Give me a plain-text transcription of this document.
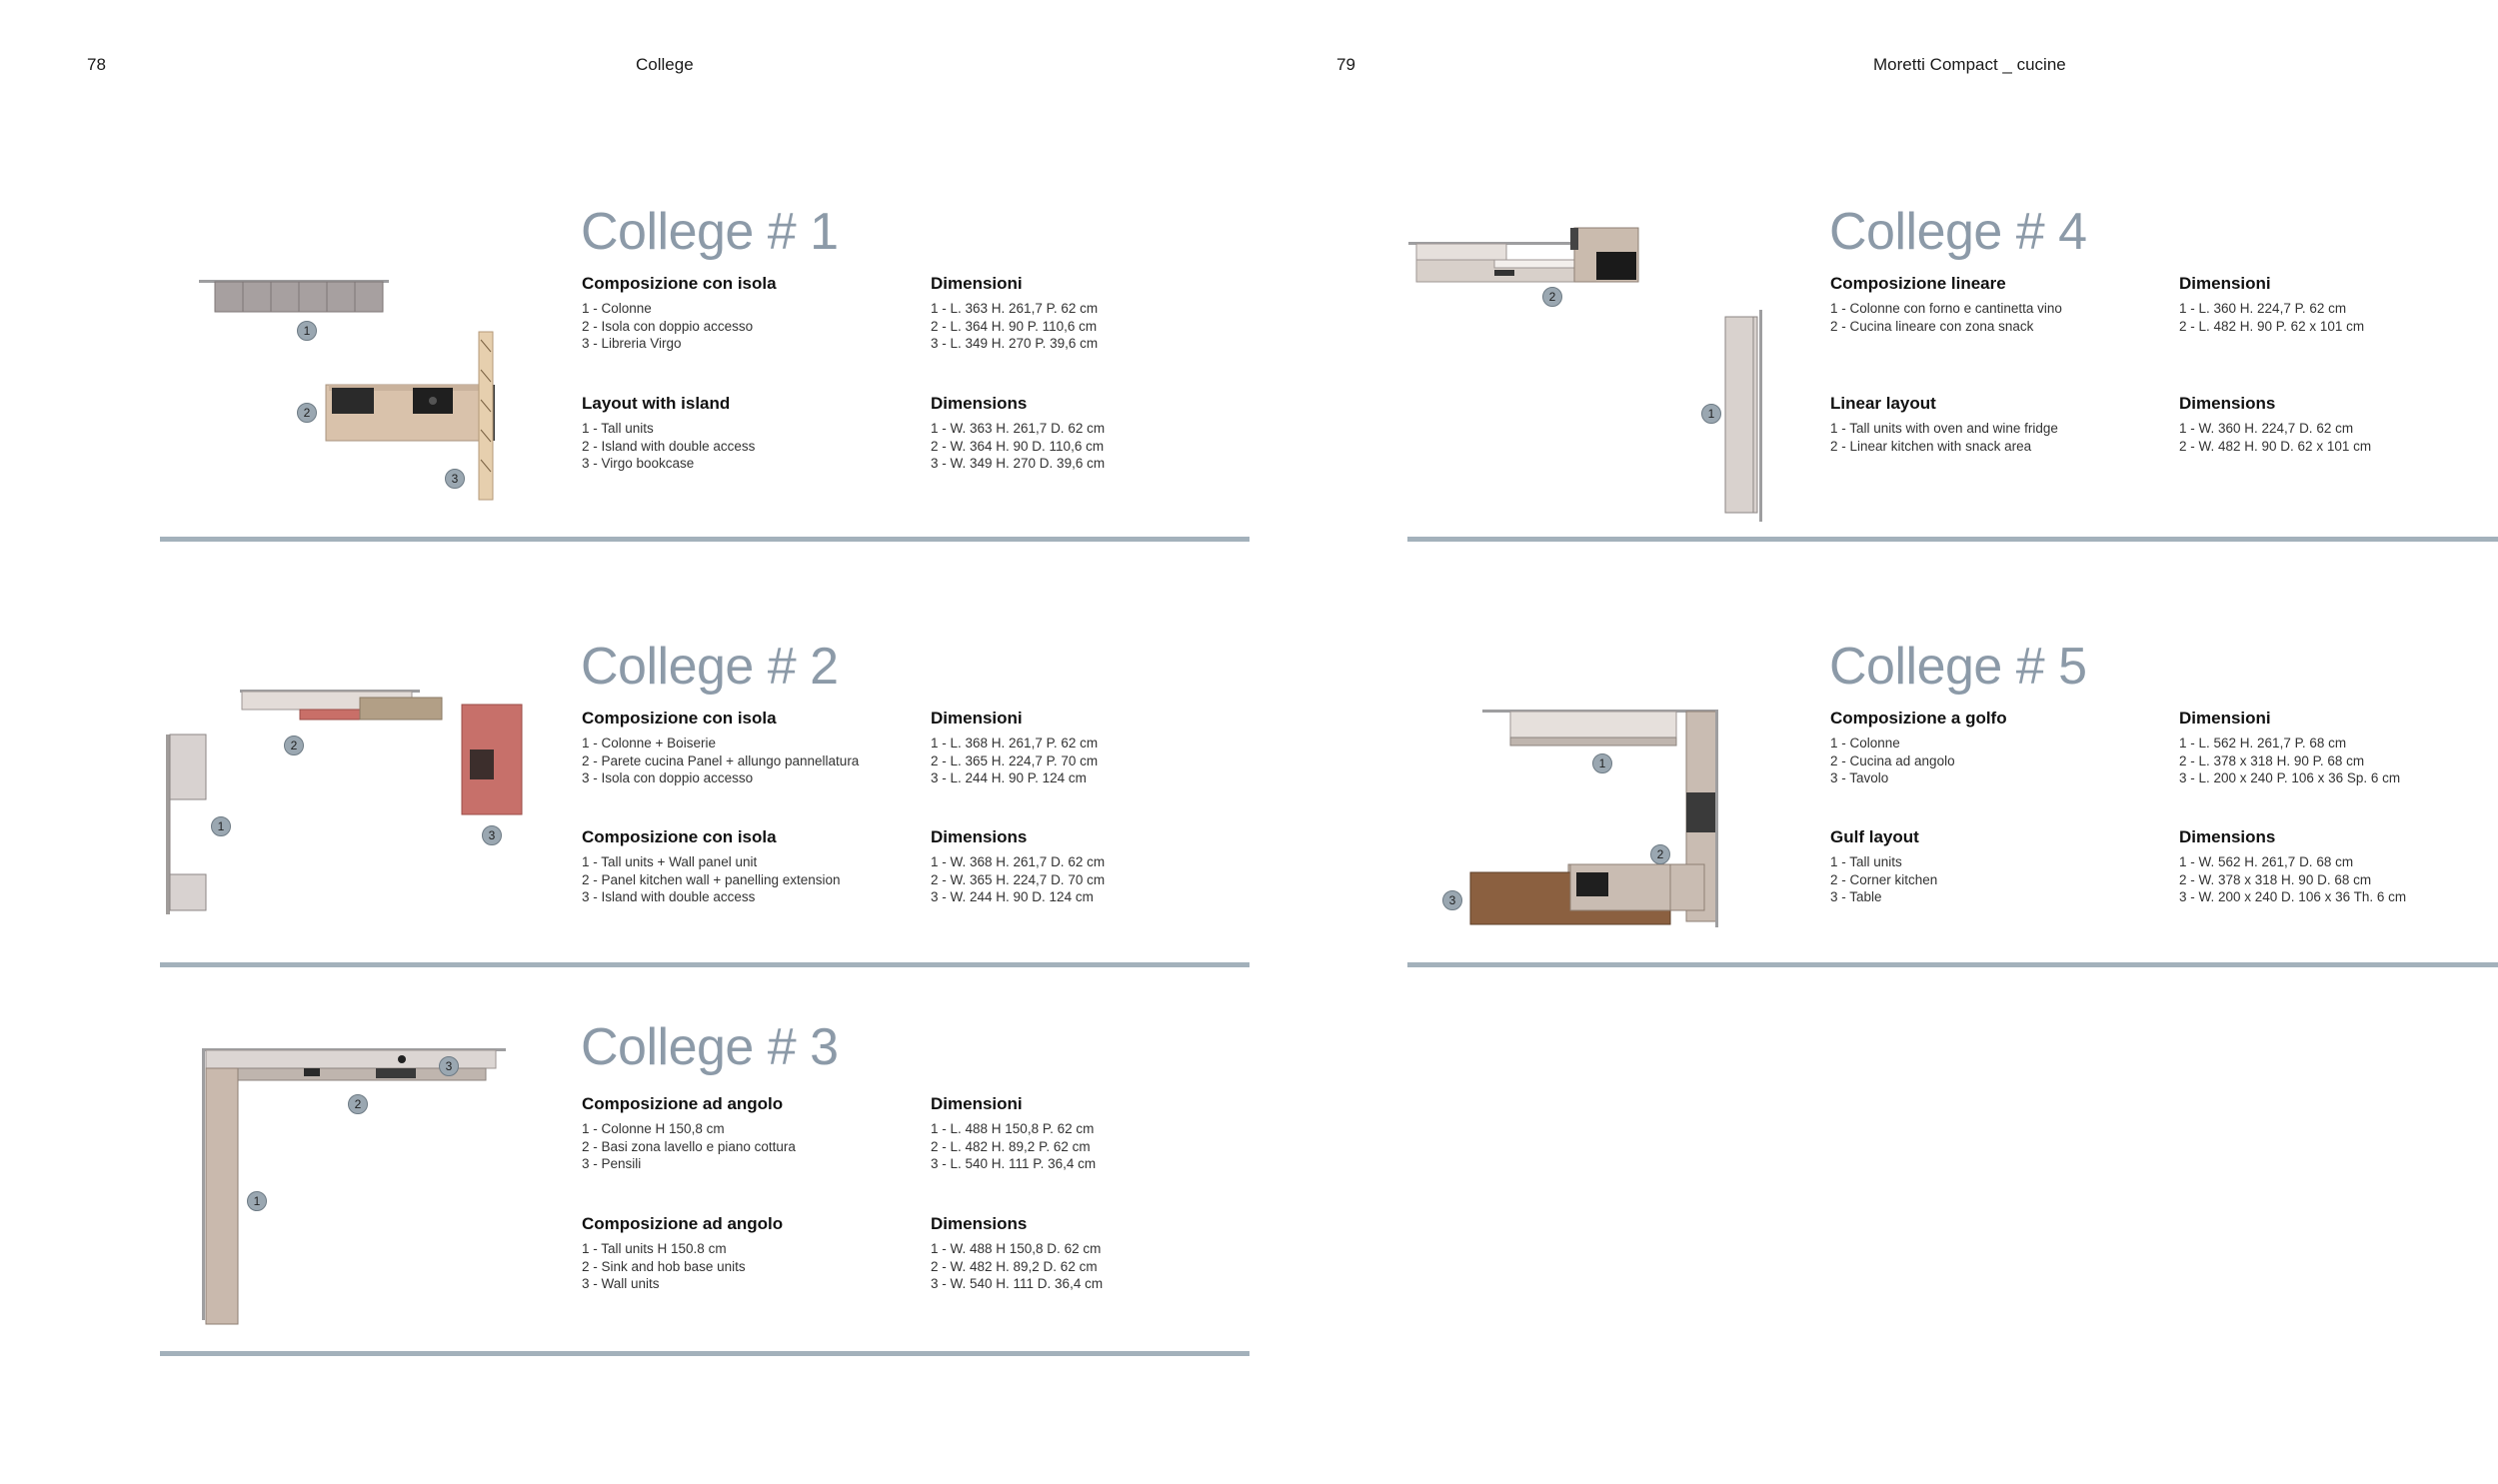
78	College	79	Moretti Compact _ cucine
1
2
3
College # 1
Composizione con isola
1 - Colonne
2 - Isola con doppio accesso
3 - Libreria Virgo
Dimensioni
1 - L. 363 H. 261,7 P. 62 cm
2 - L. 364 H. 90 P. 110,6 cm
3 - L. 349 H. 270 P. 39,6 cm
Layout with island
1 - Tall units
2 - Island with double access
3 - Virgo bookcase
Dimensions
1 - W. 363 H. 261,7 D. 62 cm
2 - W. 364 H. 90 D. 110,6 cm
3 - W. 349 H. 270 D. 39,6 cm
2
1
3
College # 2
Composizione con isola
1 - Colonne + Boiserie
2 - Parete cucina Panel + allungo pannellatura
3 - Isola con doppio accesso
Dimensioni
1 - L. 368 H. 261,7 P. 62 cm
2 - L. 365 H. 224,7 P. 70 cm
3 - L. 244 H. 90 P. 124 cm
Composizione con isola
1 - Tall units + Wall panel unit
2 - Panel kitchen wall + panelling extension
3 - Island with double access
Dimensions
1 - W. 368 H. 261,7 D. 62 cm
2 - W. 365 H. 224,7 D. 70 cm
3 - W. 244 H. 90 D. 124 cm
3
2
1
College # 3
Composizione ad angolo
1 - Colonne H 150,8 cm
2 - Basi zona lavello e piano cottura
3 - Pensili
Dimensioni
1 - L. 488 H 150,8 P. 62 cm
2 - L. 482 H. 89,2 P. 62 cm
3 - L. 540 H. 111 P. 36,4 cm
Composizione ad angolo
1 - Tall units H 150.8 cm
2 - Sink and hob base units
3 - Wall units
Dimensions
1 - W. 488 H 150,8 D. 62 cm
2 - W. 482 H. 89,2 D. 62 cm
3 - W. 540 H. 111 D. 36,4 cm
2
1
College # 4
Composizione lineare
1 - Colonne con forno e cantinetta vino
2 - Cucina lineare con zona snack
Dimensioni
1 - L. 360 H. 224,7 P. 62 cm
2 - L. 482 H. 90 P. 62 x 101 cm
Linear layout
1 - Tall units with oven and wine fridge
2 - Linear kitchen with snack area
Dimensions
1 - W. 360 H. 224,7 D. 62 cm
2 - W. 482 H. 90 D. 62 x 101 cm
1
2
3
College # 5
Composizione a golfo
1 - Colonne
2 - Cucina ad angolo
3 - Tavolo
Dimensioni
1 - L. 562 H. 261,7 P. 68 cm
2 - L. 378 x 318 H. 90 P. 68 cm
3 - L. 200 x 240 P. 106 x 36 Sp. 6 cm
Gulf layout
1 - Tall units
2 - Corner kitchen
3 - Table
Dimensions
1 - W. 562 H. 261,7 D. 68 cm
2 - W. 378 x 318 H. 90 D. 68 cm
3 - W. 200 x 240 D. 106 x 36 Th. 6 cm
